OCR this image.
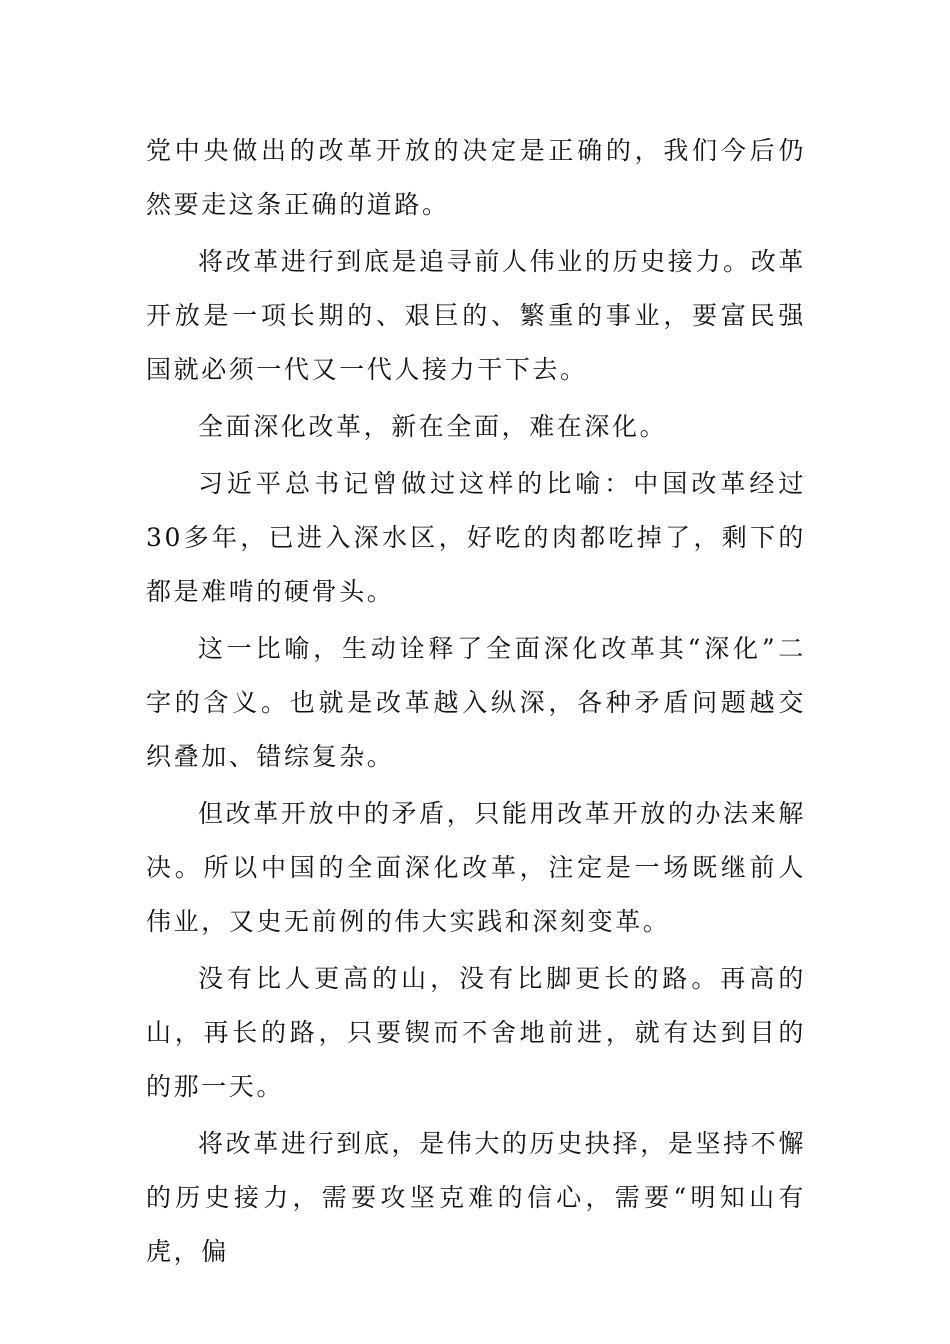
党中央做出的改革开放的决定是正确的，我们今后仍然要走这条正确的道路。

将改革进行到底是追寻前人伟业的历史接力。改革开放是一项长期的、艰巨的、繁重的事业，要富民强国就必须一代又一代人接力干下去。

全面深化改革，新在全面，难在深化。

习近平总书记曾做过这样的比喻：中国改革经过30多年，已进入深水区，好吃的肉都吃掉了，剩下的都是难啃的硬骨头。

这一比喻，生动诠释了全面深化改革其“深化”二字的含义。也就是改革越入纵深，各种矛盾问题越交织叠加、错综复杂。

但改革开放中的矛盾，只能用改革开放的办法来解决。所以中国的全面深化改革，注定是一场既继前人伟业，又史无前例的伟大实践和深刻变革。

没有比人更高的山，没有比脚更长的路。再高的山，再长的路，只要锲而不舍地前进，就有达到目的的那一天。

将改革进行到底，是伟大的历史抉择，是坚持不懈的历史接力，需要攻坚克难的信心，需要“明知山有虎，偏
